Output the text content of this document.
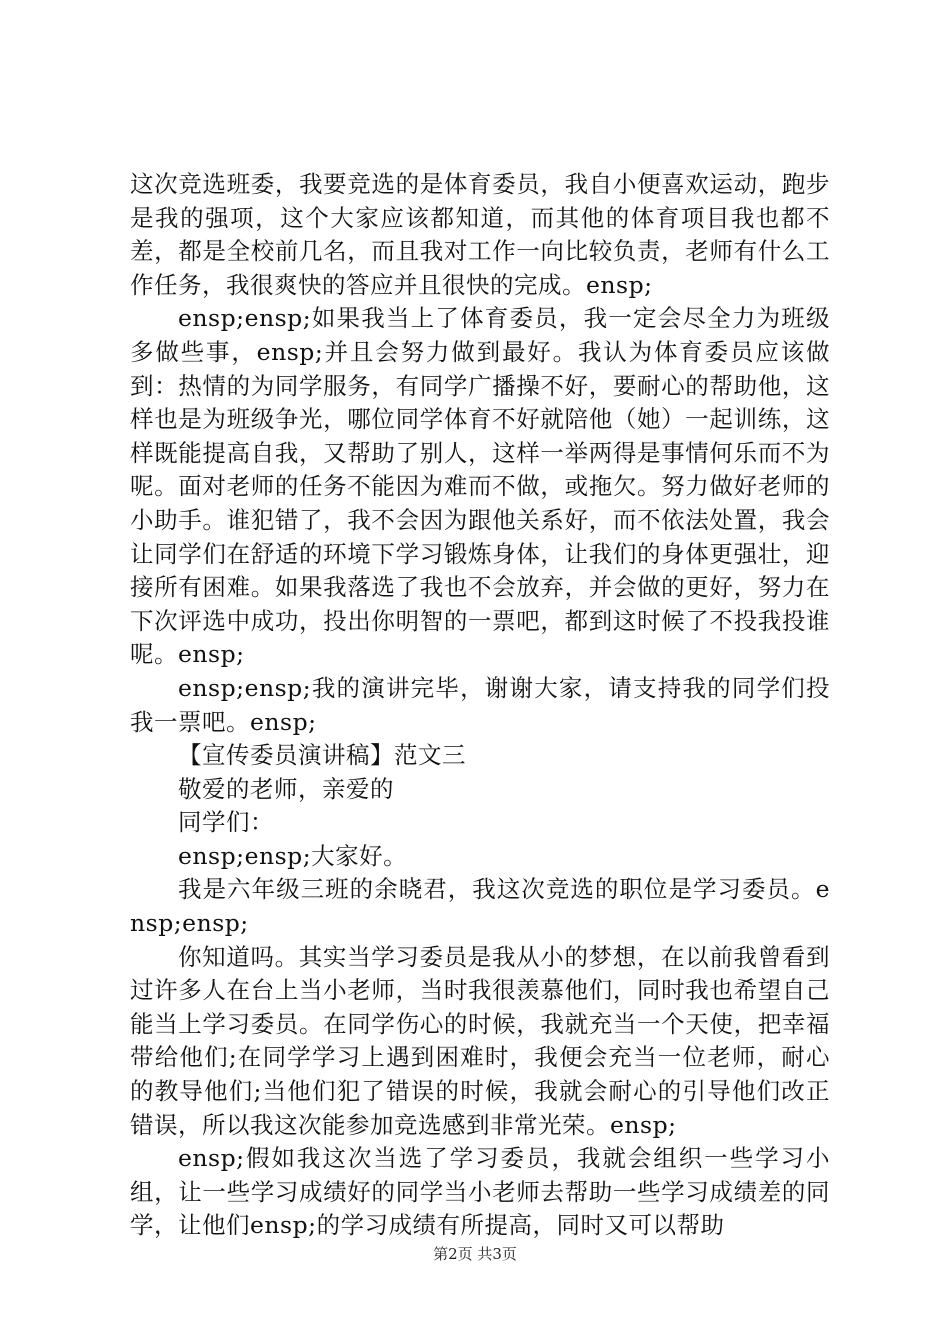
这次竞选班委，我要竞选的是体育委员，我自小便喜欢运动，跑步是我的强项，这个大家应该都知道，而其他的体育项目我也都不差，都是全校前几名，而且我对工作一向比较负责，老师有什么工作任务，我很爽快的答应并且很快的完成。ensp;

ensp;ensp;如果我当上了体育委员，我一定会尽全力为班级多做些事，ensp;并且会努力做到最好。我认为体育委员应该做到：热情的为同学服务，有同学广播操不好，要耐心的帮助他，这样也是为班级争光，哪位同学体育不好就陪他（她）一起训练，这样既能提高自我，又帮助了别人，这样一举两得是事情何乐而不为呢。面对老师的任务不能因为难而不做，或拖欠。努力做好老师的小助手。谁犯错了，我不会因为跟他关系好，而不依法处置，我会让同学们在舒适的环境下学习锻炼身体，让我们的身体更强壮，迎接所有困难。如果我落选了我也不会放弃，并会做的更好，努力在下次评选中成功，投出你明智的一票吧，都到这时候了不投我投谁呢。ensp;

ensp;ensp;我的演讲完毕，谢谢大家，请支持我的同学们投我一票吧。ensp;

【宣传委员演讲稿】范文三

敬爱的老师，亲爱的

同学们：

ensp;ensp;大家好。

我是六年级三班的余晓君，我这次竞选的职位是学习委员。ensp;ensp;

你知道吗。其实当学习委员是我从小的梦想，在以前我曾看到过许多人在台上当小老师，当时我很羡慕他们，同时我也希望自己能当上学习委员。在同学伤心的时候，我就充当一个天使，把幸福带给他们;在同学学习上遇到困难时，我便会充当一位老师，耐心的教导他们;当他们犯了错误的时候，我就会耐心的引导他们改正错误，所以我这次能参加竞选感到非常光荣。ensp;

ensp;假如我这次当选了学习委员，我就会组织一些学习小组，让一些学习成绩好的同学当小老师去帮助一些学习成绩差的同学，让他们ensp;的学习成绩有所提高，同时又可以帮助

第2页 共3页
